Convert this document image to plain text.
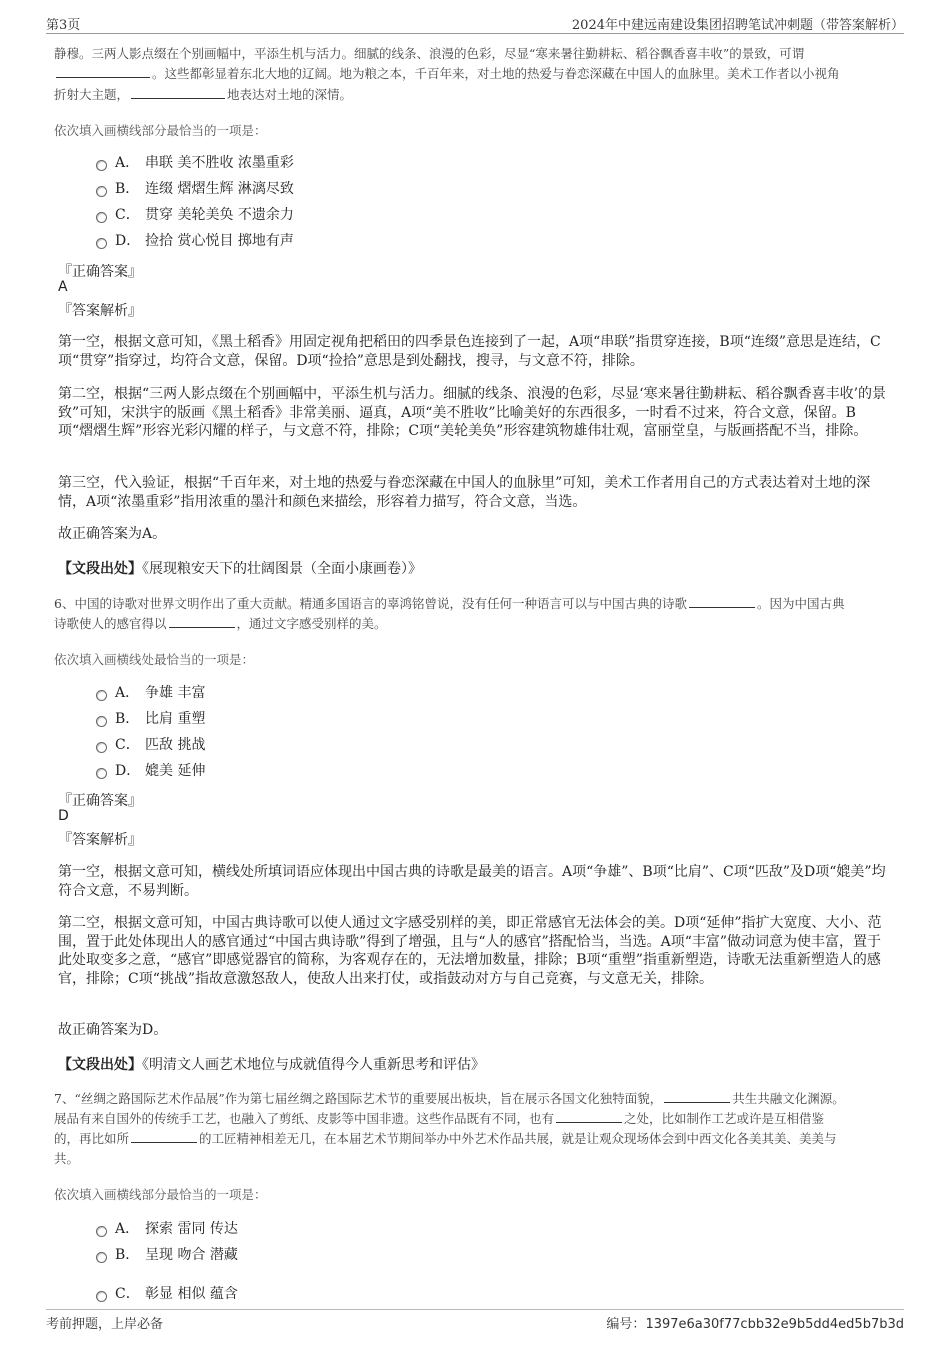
第3页	2024年中建远南建设集团招聘笔试冲刺题（带答案解析）
静穆。三两人影点缀在个别画幅中，平添生机与活力。细腻的线条、浪漫的色彩，尽显“寒来暑往勤耕耘、稻谷飘香喜丰收”的景致，可谓
。这些都彰显着东北大地的辽阔。地为粮之本，千百年来，对土地的热爱与眷恋深藏在中国人的血脉里。美术工作者以小视角
折射大主题，	地表达对土地的深情。
依次填入画横线部分最恰当的一项是：
A． 串联 美不胜收 浓墨重彩
B． 连缀 熠熠生辉 淋漓尽致
C． 贯穿 美轮美奂 不遗余力
D． 捡拾 赏心悦目 掷地有声
『正确答案』
A
『答案解析』
第一空，根据文意可知，《黑土稻香》用固定视角把稻田的四季景色连接到了一起，A项“串联”指贯穿连接，B项“连缀”意思是连结，C项“贯穿”指穿过，均符合文意，保留。D项“捡拾”意思是到处翻找，搜寻，与文意不符，排除。
第二空，根据“三两人影点缀在个别画幅中，平添生机与活力。细腻的线条、浪漫的色彩，尽显‘寒来暑往勤耕耘、稻谷飘香喜丰收’的景致”可知，宋洪宇的版画《黑土稻香》非常美丽、逼真，A项“美不胜收”比喻美好的东西很多，一时看不过来，符合文意，保留。B项“熠熠生辉”形容光彩闪耀的样子，与文意不符，排除；C项“美轮美奂”形容建筑物雄伟壮观，富丽堂皇，与版画搭配不当，排除。
第三空，代入验证，根据“千百年来，对土地的热爱与眷恋深藏在中国人的血脉里”可知，美术工作者用自己的方式表达着对土地的深情，A项“浓墨重彩”指用浓重的墨汁和颜色来描绘，形容着力描写，符合文意，当选。
故正确答案为A。
【文段出处】《展现粮安天下的壮阔图景（全面小康画卷）》
6、中国的诗歌对世界文明作出了重大贡献。精通多国语言的辜鸿铭曾说，没有任何一种语言可以与中国古典的诗歌	。因为中国古典
诗歌使人的感官得以	，通过文字感受别样的美。
依次填入画横线处最恰当的一项是：
A． 争雄 丰富
B． 比肩 重塑
C． 匹敌 挑战
D． 媲美 延伸
『正确答案』
D
『答案解析』
第一空，根据文意可知，横线处所填词语应体现出中国古典的诗歌是最美的语言。A项“争雄”、B项“比肩”、C项“匹敌”及D项“媲美”均符合文意，不易判断。
第二空，根据文意可知，中国古典诗歌可以使人通过文字感受别样的美，即正常感官无法体会的美。D项“延伸”指扩大宽度、大小、范围，置于此处体现出人的感官通过“中国古典诗歌”得到了增强，且与“人的感官”搭配恰当，当选。A项“丰富”做动词意为使丰富，置于此处取变多之意，“感官”即感觉器官的简称，为客观存在的，无法增加数量，排除；B项“重塑”指重新塑造，诗歌无法重新塑造人的感官，排除；C项“挑战”指故意激怒敌人，使敌人出来打仗，或指鼓动对方与自己竞赛，与文意无关，排除。
故正确答案为D。
【文段出处】《明清文人画艺术地位与成就值得今人重新思考和评估》
7、“丝绸之路国际艺术作品展”作为第七届丝绸之路国际艺术节的重要展出板块，旨在展示各国文化独特面貌，	共生共融文化渊源。
展品有来自国外的传统手工艺，也融入了剪纸、皮影等中国非遗。这些作品既有不同，也有	之处，比如制作工艺或许是互相借鉴
的，再比如所	的工匠精神相差无几，在本届艺术节期间举办中外艺术作品共展，就是让观众现场体会到中西文化各美其美、美美与
共。
依次填入画横线部分最恰当的一项是：
A． 探索 雷同 传达
B． 呈现 吻合 潜藏
C． 彰显 相似 蕴含
考前押题，上岸必备	编号：1397e6a30f77cbb32e9b5dd4ed5b7b3d
